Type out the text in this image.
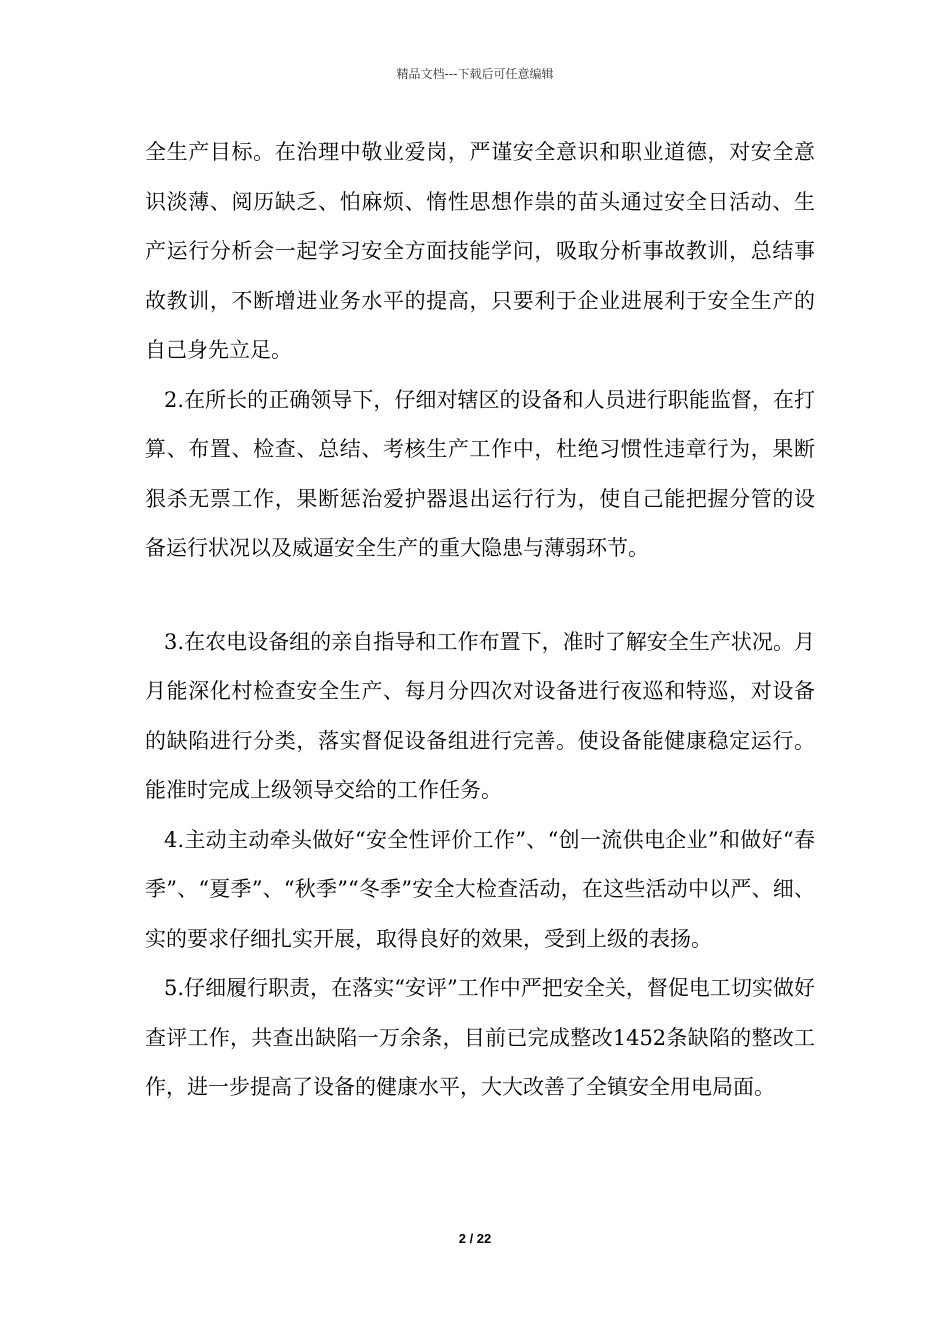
精品文档---下载后可任意编辑

全生产目标。在治理中敬业爱岗，严谨安全意识和职业道德，对安全意识淡薄、阅历缺乏、怕麻烦、惰性思想作祟的苗头通过安全日活动、生产运行分析会一起学习安全方面技能学问，吸取分析事故教训，总结事故教训，不断增进业务水平的提高，只要利于企业进展利于安全生产的自己身先立足。

2.在所长的正确领导下，仔细对辖区的设备和人员进行职能监督，在打算、布置、检查、总结、考核生产工作中，杜绝习惯性违章行为，果断狠杀无票工作，果断惩治爱护器退出运行行为，使自己能把握分管的设备运行状况以及威逼安全生产的重大隐患与薄弱环节。

3.在农电设备组的亲自指导和工作布置下，准时了解安全生产状况。月月能深化村检查安全生产、每月分四次对设备进行夜巡和特巡，对设备的缺陷进行分类，落实督促设备组进行完善。使设备能健康稳定运行。能准时完成上级领导交给的工作任务。

4.主动主动牵头做好“安全性评价工作”、“创一流供电企业”和做好“春季”、“夏季”、“秋季”“冬季”安全大检查活动，在这些活动中以严、细、实的要求仔细扎实开展，取得良好的效果，受到上级的表扬。

5.仔细履行职责，在落实“安评”工作中严把安全关，督促电工切实做好查评工作，共查出缺陷一万余条，目前已完成整改1452条缺陷的整改工作，进一步提高了设备的健康水平，大大改善了全镇安全用电局面。

2 / 22
